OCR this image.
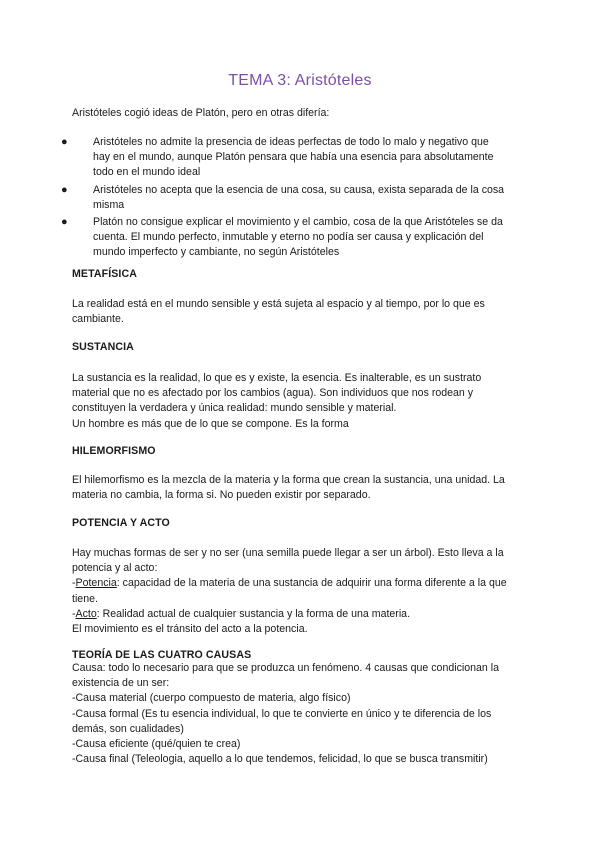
TEMA 3: Aristóteles

Aristóteles cogió ideas de Platón, pero en otras difería:

● Aristóteles no admite la presencia de ideas perfectas de todo lo malo y negativo que
hay en el mundo, aunque Platón pensara que había una esencia para absolutamente
todo en el mundo ideal
● Aristóteles no acepta que la esencia de una cosa, su causa, exista separada de la cosa
misma
● Platón no consigue explicar el movimiento y el cambio, cosa de la que Aristóteles se da
cuenta. El mundo perfecto, inmutable y eterno no podía ser causa y explicación del
mundo imperfecto y cambiante, no según Aristóteles
METAFÍSICA

La realidad está en el mundo sensible y está sujeta al espacio y al tiempo, por lo que es
cambiante.

SUSTANCIA

La sustancia es la realidad, lo que es y existe, la esencia. Es inalterable, es un sustrato
material que no es afectado por los cambios (agua). Son individuos que nos rodean y
constituyen la verdadera y única realidad: mundo sensible y material.
Un hombre es más que de lo que se compone. Es la forma

HILEMORFISMO

El hilemorfismo es la mezcla de la materia y la forma que crean la sustancia, una unidad. La
materia no cambia, la forma si. No pueden existir por separado.

POTENCIA Y ACTO

Hay muchas formas de ser y no ser (una semilla puede llegar a ser un árbol). Esto lleva a la
potencia y al acto:
-Potencia: capacidad de la materia de una sustancia de adquirir una forma diferente a la que
tiene.
-Acto: Realidad actual de cualquier sustancia y la forma de una materia.
El movimiento es el tránsito del acto a la potencia.

TEORÍA DE LAS CUATRO CAUSAS

Causa: todo lo necesario para que se produzca un fenómeno. 4 causas que condicionan la
existencia de un ser:
-Causa material (cuerpo compuesto de materia, algo físico)
-Causa formal (Es tu esencia individual, lo que te convierte en único y te diferencia de los
demás, son cualidades)
-Causa eficiente (qué/quien te crea)
-Causa final (Teleologia, aquello a lo que tendemos, felicidad, lo que se busca transmitir)
